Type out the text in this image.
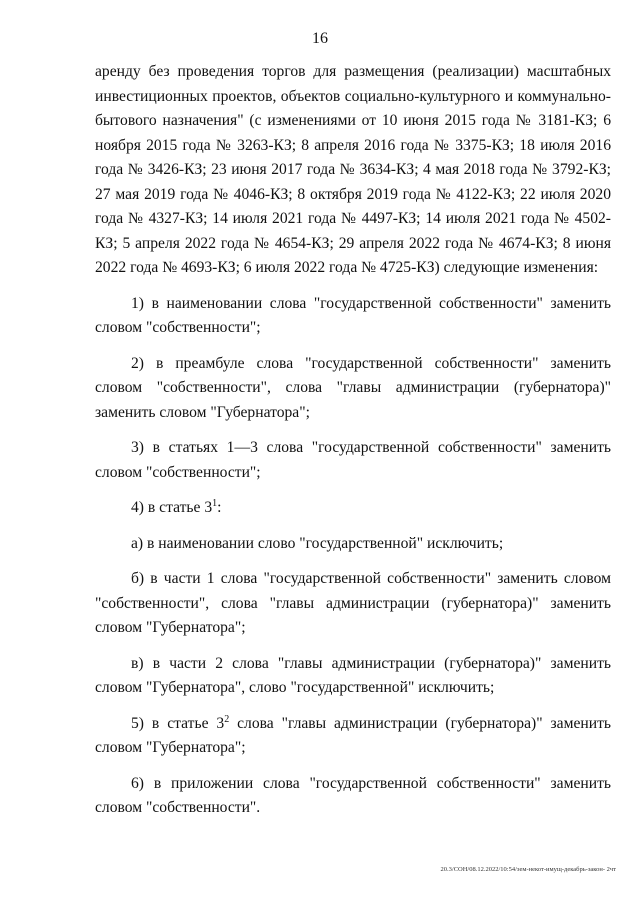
16

аренду без проведения торгов для размещения (реализации) масштабных инвестиционных проектов, объектов социально-культурного и коммунально-бытового назначения" (с изменениями от 10 июня 2015 года № 3181-КЗ; 6 ноября 2015 года № 3263-КЗ; 8 апреля 2016 года № 3375-КЗ; 18 июля 2016 года № 3426-КЗ; 23 июня 2017 года № 3634-КЗ; 4 мая 2018 года № 3792-КЗ; 27 мая 2019 года № 4046-КЗ; 8 октября 2019 года № 4122-КЗ; 22 июля 2020 года № 4327-КЗ; 14 июля 2021 года № 4497-КЗ; 14 июля 2021 года № 4502-КЗ; 5 апреля 2022 года № 4654-КЗ; 29 апреля 2022 года № 4674-КЗ; 8 июня 2022 года № 4693-КЗ; 6 июля 2022 года № 4725-КЗ) следующие изменения:

1) в наименовании слова "государственной собственности" заменить словом "собственности";

2) в преамбуле слова "государственной собственности" заменить словом "собственности", слова "главы администрации (губернатора)" заменить словом "Губернатора";

3) в статьях 1—3 слова "государственной собственности" заменить словом "собственности";

4) в статье $3^1$:

а) в наименовании слово "государственной" исключить;

б) в части 1 слова "государственной собственности" заменить словом "собственности", слова "главы администрации (губернатора)" заменить словом "Губернатора";

в) в части 2 слова "главы администрации (губернатора)" заменить словом "Губернатора", слово "государственной" исключить;

5) в статье $3^2$ слова "главы администрации (губернатора)" заменить словом "Губернатора";

6) в приложении слова "государственной собственности" заменить словом "собственности".

20.3/СОН/08.12.2022/10:54/зем-некот-имущ-декабрь-закон- 2чт
